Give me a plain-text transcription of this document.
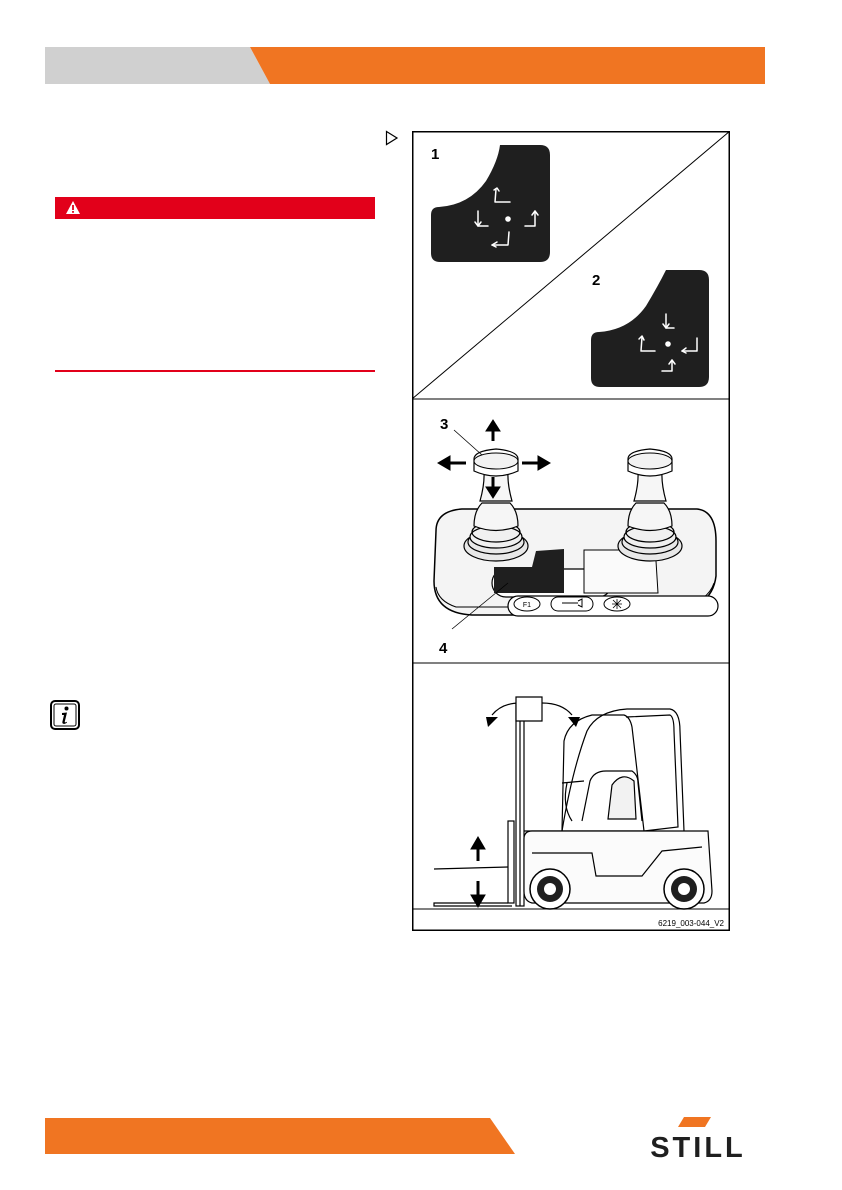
1
2
F1
3
4
6219_003-044_V2
STILL
